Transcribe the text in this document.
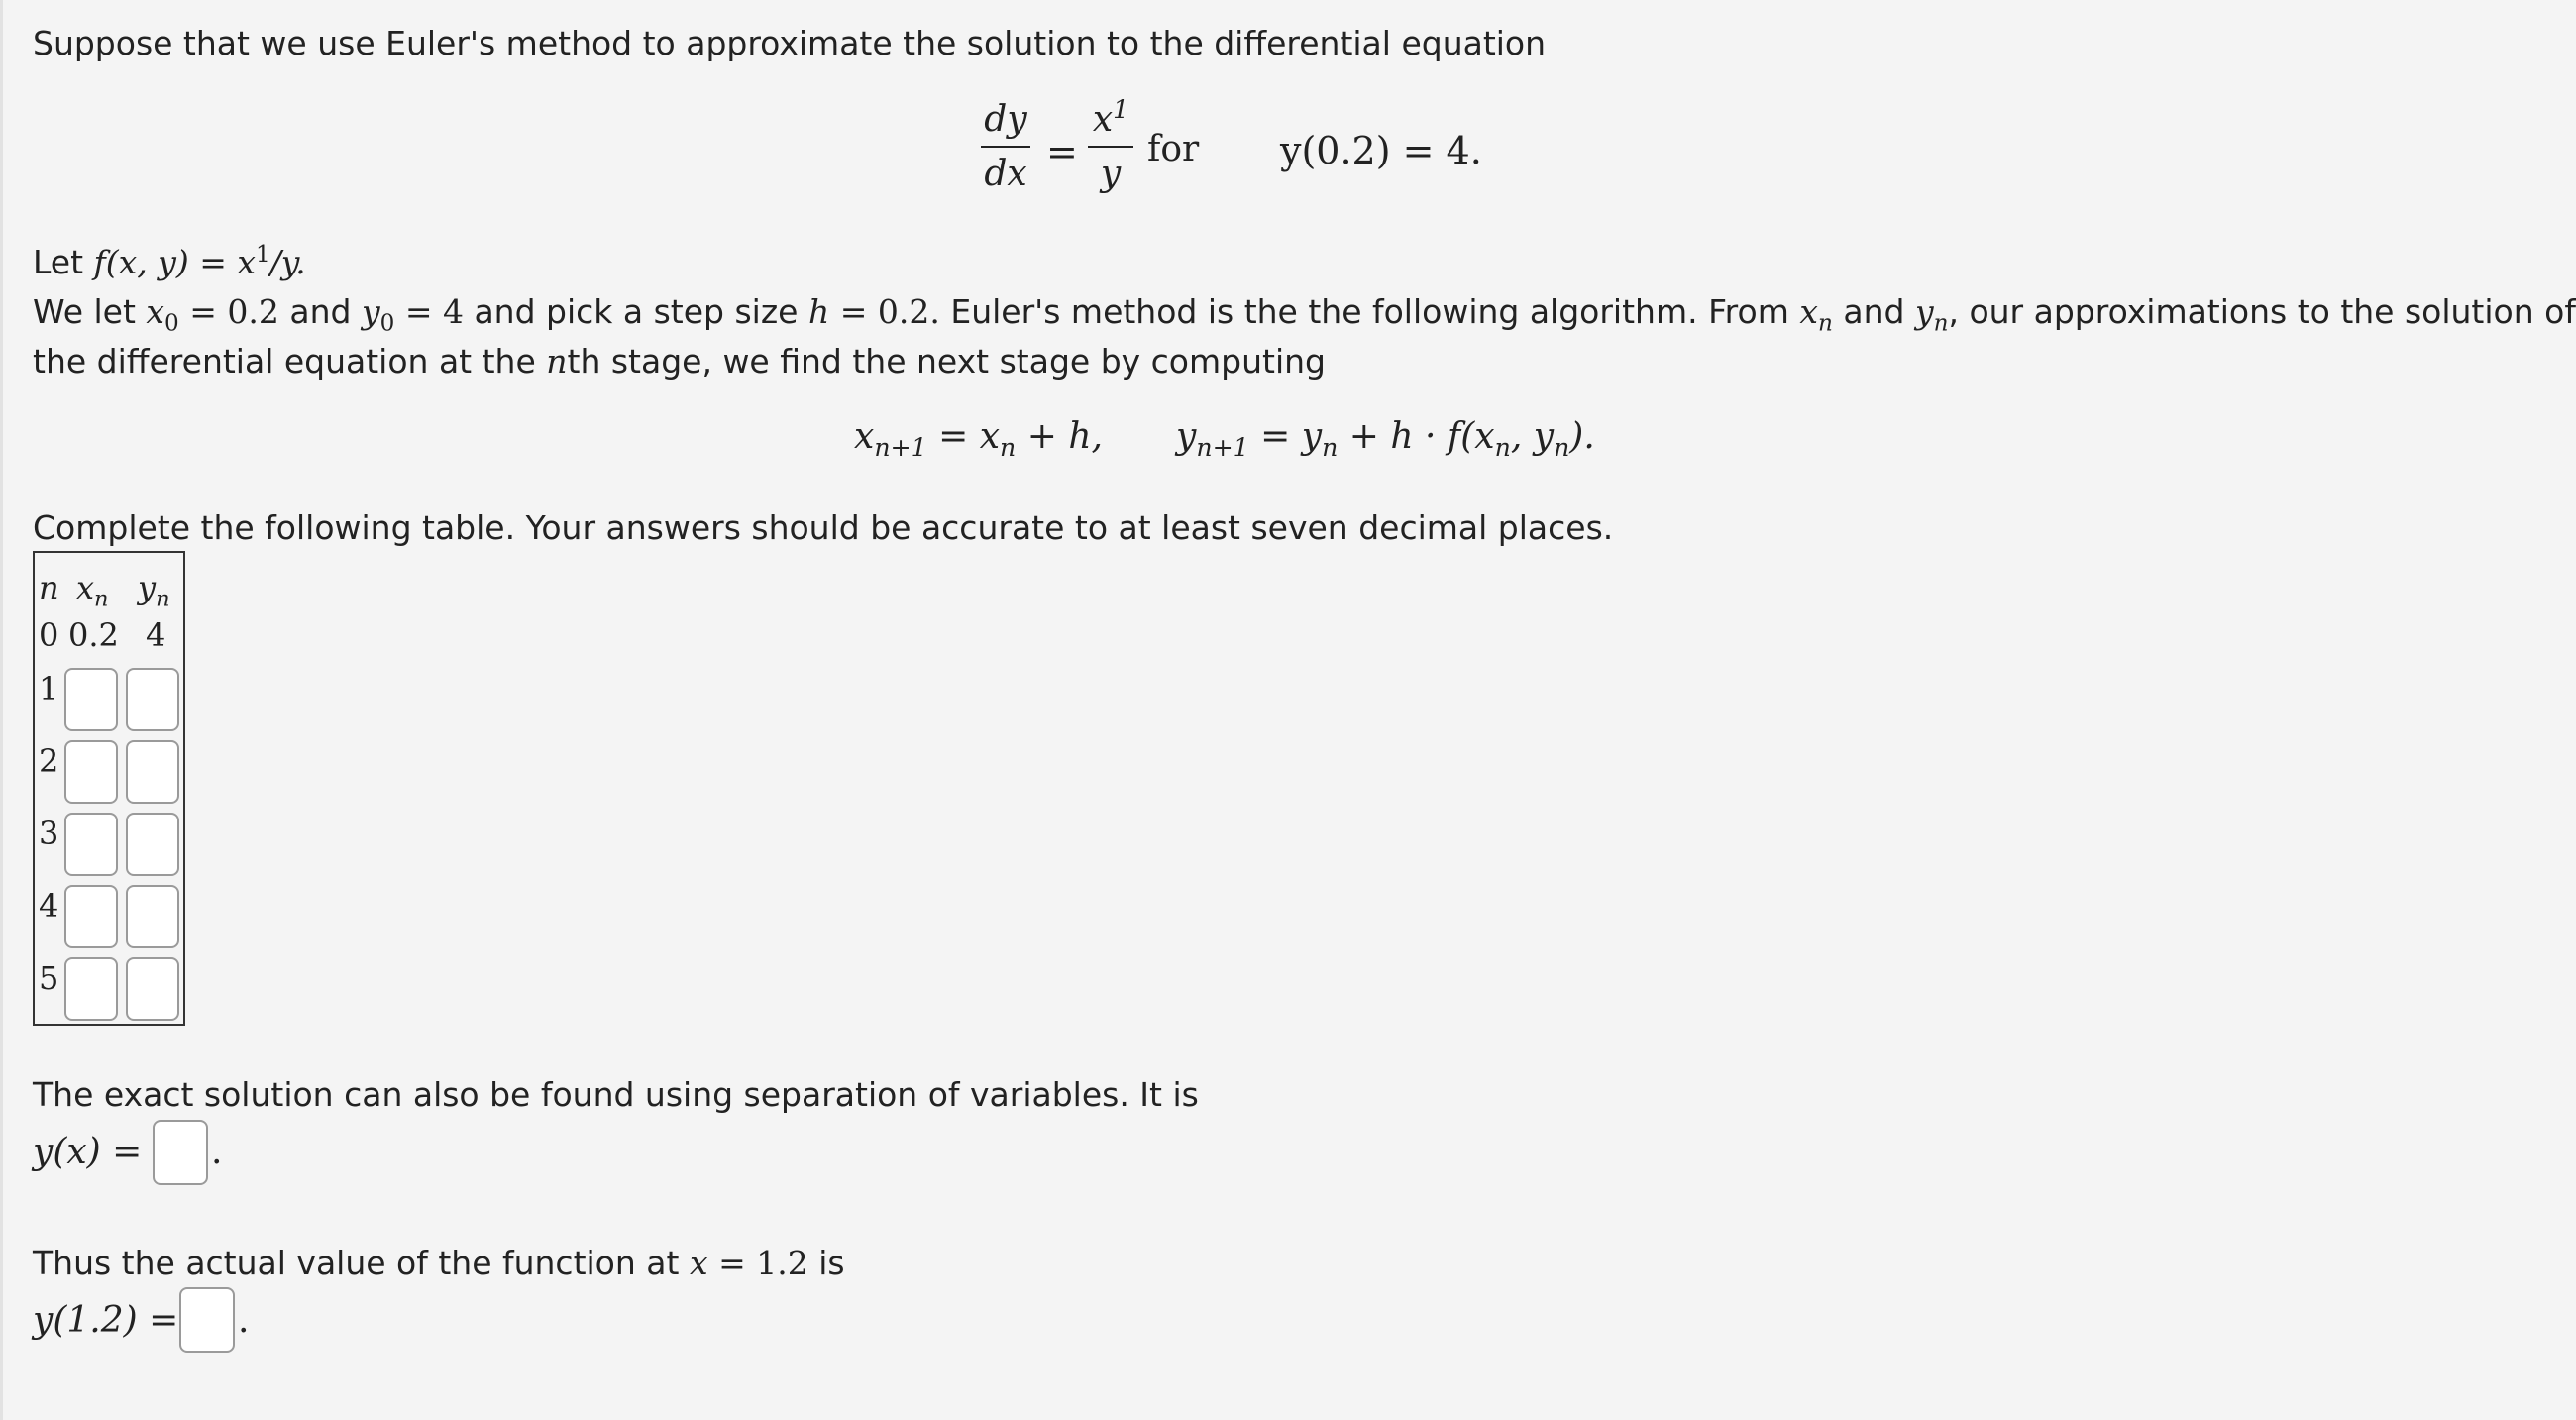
Suppose that we use Euler's method to approximate the solution to the differential equation
dy
dx
=
$x^1$
y
for y(0.2) = 4.
Let f(x, $y) = x^1/y$.
We let $x_0 = 0.2$ and $y_0 = 4$ and pick a step size h = 0.2. Euler's method is the the following algorithm. From $x_n$ and $y_n$, our approximations to the solution of
the differential equation at the nth stage, we find the next stage by computing
$x_{n+1} = x_n + h$, $y_{n+1} = y_n + h \cdot f(x_n$, $y_n$).
Complete the following table. Your answers should be accurate to at least seven decimal places.
n $x_n$ $y_n$
0 0.2 4
1
2
3
4
5
The exact solution can also be found using separation of variables. It is
y(x) = .
Thus the actual value of the function at x = 1.2 is
y(1.2) = .
